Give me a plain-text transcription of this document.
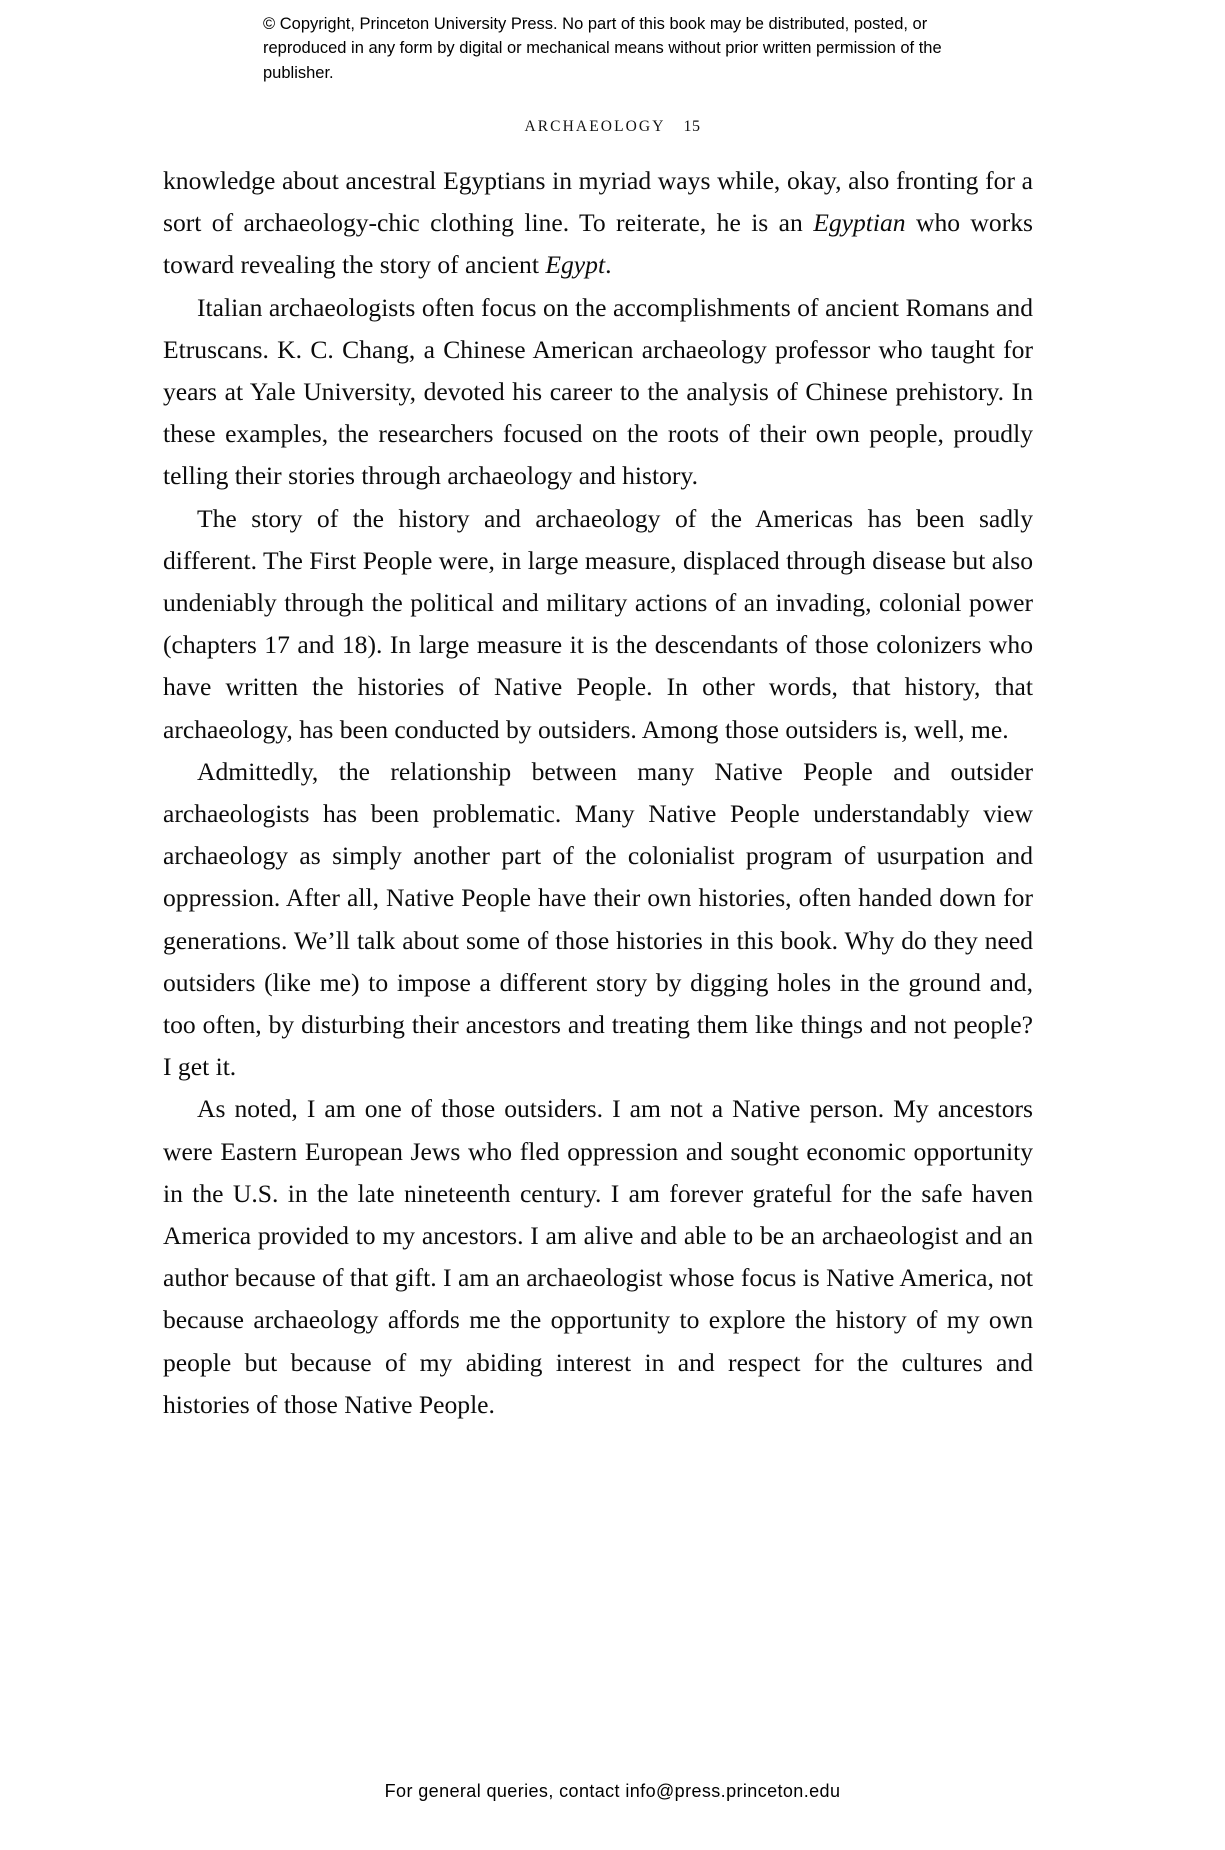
© Copyright, Princeton University Press. No part of this book may be distributed, posted, or reproduced in any form by digital or mechanical means without prior written permission of the publisher.
ARCHAEOLOGY 15

knowledge about ancestral Egyptians in myriad ways while, okay, also fronting for a sort of archaeology-chic clothing line. To reiterate, he is an Egyptian who works toward revealing the story of ancient Egypt.

Italian archaeologists often focus on the accomplishments of ancient Romans and Etruscans. K. C. Chang, a Chinese American archaeology professor who taught for years at Yale University, devoted his career to the analysis of Chinese prehistory. In these examples, the researchers focused on the roots of their own people, proudly telling their stories through archaeology and history.

The story of the history and archaeology of the Americas has been sadly different. The First People were, in large measure, displaced through disease but also undeniably through the political and military actions of an invading, colonial power (chapters 17 and 18). In large measure it is the descendants of those colonizers who have written the histories of Native People. In other words, that history, that archaeology, has been conducted by outsiders. Among those outsiders is, well, me.

Admittedly, the relationship between many Native People and outsider archaeologists has been problematic. Many Native People understandably view archaeology as simply another part of the colonialist program of usurpation and oppression. After all, Native People have their own histories, often handed down for generations. We’ll talk about some of those histories in this book. Why do they need outsiders (like me) to impose a different story by digging holes in the ground and, too often, by disturbing their ancestors and treating them like things and not people? I get it.

As noted, I am one of those outsiders. I am not a Native person. My ancestors were Eastern European Jews who fled oppression and sought economic opportunity in the U.S. in the late nineteenth century. I am forever grateful for the safe haven America provided to my ancestors. I am alive and able to be an archaeologist and an author because of that gift. I am an archaeologist whose focus is Native America, not because archaeology affords me the opportunity to explore the history of my own people but because of my abiding interest in and respect for the cultures and histories of those Native People.

For general queries, contact info@press.princeton.edu
